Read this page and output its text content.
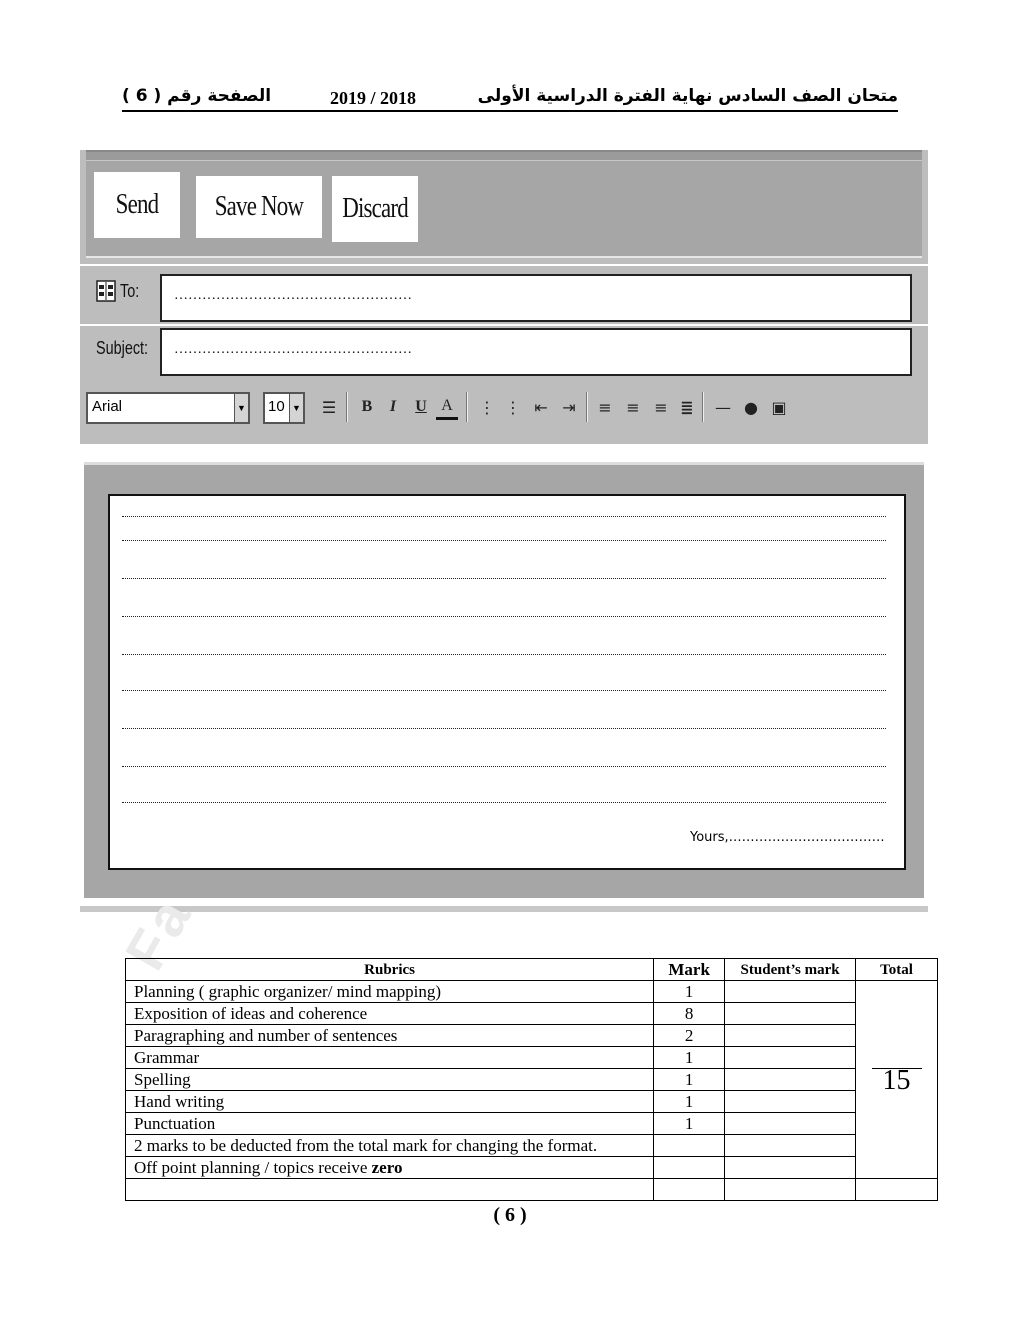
الصفحة رقم ( 6 )	2019 / 2018	متحان الصف السادس نهاية الفترة الدراسية الأولى
Send Save Now Discard
To: ……………………………………………
Subject: ……………………………………………
Arial	▼	10 ▼ ☰	B	I	U A	⋮ ⋮ ⇤ ⇥ ≡ ≡ ≡ ≣ — ● ▣
Yours,………………………………
Fa	Rubrics	Mark	Student’s mark	Total
Planning ( graphic organizer/ mind mapping)	1		15

Exposition of ideas and coherence	8		
Paragraphing and number of sentences	2		
Grammar	1		
Spelling	1		
Hand writing	1		
Punctuation	1		
2 marks to be deducted from the total mark for changing the format.			
Off point planning / topics receive zero			

( 6 )
